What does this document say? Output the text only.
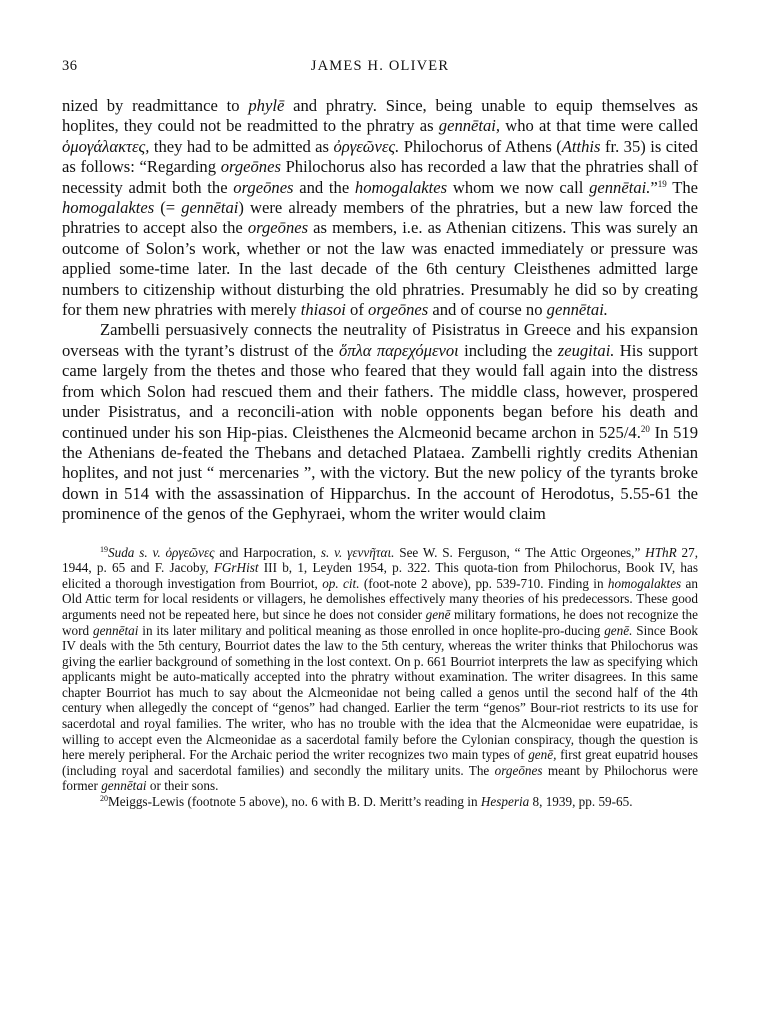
36	JAMES H. OLIVER

nized by readmittance to phylē and phratry. Since, being unable to equip themselves as hoplites, they could not be readmitted to the phratry as gennētai, who at that time were called ὁμογάλακτες, they had to be admitted as ὀργεῶνες. Philochorus of Athens (Atthis fr. 35) is cited as follows: “Regarding orgeōnes Philochorus also has recorded a law that the phratries shall of necessity admit both the orgeōnes and the homogalaktes whom we now call gennētai.”$^{19}$ The homogalaktes (= gennētai) were already members of the phratries, but a new law forced the phratries to accept also the orgeōnes as members, i.e. as Athenian citizens. This was surely an outcome of Solon’s work, whether or not the law was enacted immediately or pressure was applied some-time later. In the last decade of the 6th century Cleisthenes admitted large numbers to citizenship without disturbing the old phratries. Presumably he did so by creating for them new phratries with merely thiasoi of orgeōnes and of course no gennētai.

Zambelli persuasively connects the neutrality of Pisistratus in Greece and his expansion overseas with the tyrant’s distrust of the ὅπλα παρεχόμενοι including the zeugitai. His support came largely from the thetes and those who feared that they would fall again into the distress from which Solon had rescued them and their fathers. The middle class, however, prospered under Pisistratus, and a reconcili-ation with noble opponents began before his death and continued under his son Hip-pias. Cleisthenes the Alcmeonid became archon in 525/4.20 In 519 the Athenians de-feated the Thebans and detached Plataea. Zambelli rightly credits Athenian hoplites, and not just “ mercenaries ”, with the victory. But the new policy of the tyrants broke down in 514 with the assassination of Hipparchus. In the account of Herodotus, 5.55-61 the prominence of the genos of the Gephyraei, whom the writer would claim

$^{19}$Suda s. v. ὀργεῶνες and Harpocration, s. v. γεννῆται. See W. S. Ferguson, “ The Attic Orgeones,” HThR 27, 1944, p. 65 and F. Jacoby, FGrHist III b, 1, Leyden 1954, p. 322. This quota-tion from Philochorus, Book IV, has elicited a thorough investigation from Bourriot, op. cit. (foot-note 2 above), pp. 539-710. Finding in homogalaktes an Old Attic term for local residents or villagers, he demolishes effectively many theories of his predecessors. These good arguments need not be repeated here, but since he does not consider genē military formations, he does not recognize the word gennētai in its later military and political meaning as those enrolled in once hoplite-pro-ducing genē. Since Book IV deals with the 5th century, Bourriot dates the law to the 5th century, whereas the writer thinks that Philochorus was giving the earlier background of something in the lost context. On p. 661 Bourriot interprets the law as specifying which applicants might be auto-matically accepted into the phratry without examination. The writer disagrees. In this same chapter Bourriot has much to say about the Alcmeonidae not being called a genos until the second half of the 4th century when allegedly the concept of “genos” had changed. Earlier the term “genos” Bour-riot restricts to its use for sacerdotal and royal families. The writer, who has no trouble with the idea that the Alcmeonidae were eupatridae, is willing to accept even the Alcmeonidae as a sacerdotal family before the Cylonian conspiracy, though the question is here merely peripheral. For the Archaic period the writer recognizes two main types of genē, first great eupatrid houses (including royal and sacerdotal families) and secondly the military units. The orgeōnes meant by Philochorus were former gennētai or their sons.

$^{20}$Meiggs-Lewis (footnote 5 above), no. 6 with B. D. Meritt’s reading in Hesperia 8, 1939, pp. 59-65.
